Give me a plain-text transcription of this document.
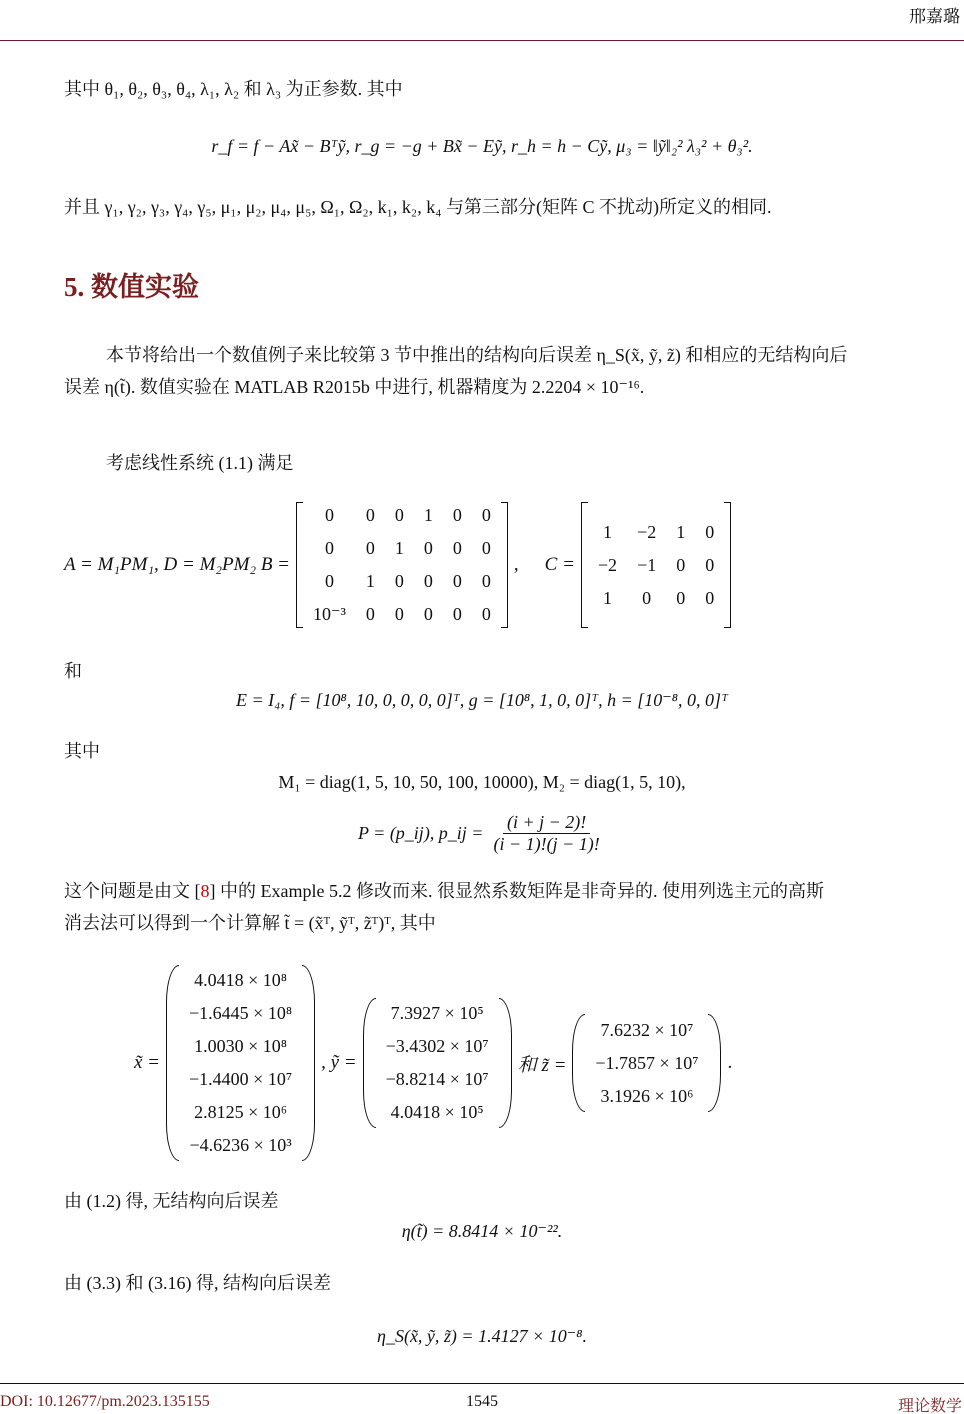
邢嘉璐
其中 θ₁, θ₂, θ₃, θ₄, λ₁, λ₂ 和 λ₃ 为正参数. 其中
r_f = f − Ax̃ − Bᵀỹ, r_g = −g + Bx̃ − Eỹ, r_h = h − Cỹ, μ₃ = ‖ỹ‖₂² λ₃² + θ₃².
并且 γ₁, γ₂, γ₃, γ₄, γ₅, μ₁, μ₂, μ₄, μ₅, Ω₁, Ω₂, k₁, k₂, k₄ 与第三部分(矩阵 C 不扰动)所定义的相同.
5. 数值实验
本节将给出一个数值例子来比较第 3 节中推出的结构向后误差 η_S(x̃, ỹ, z̃) 和相应的无结构向后
误差 η(t̃). 数值实验在 MATLAB R2015b 中进行, 机器精度为 2.2204 × 10⁻¹⁶.
考虑线性系统 (1.1) 满足
A = M₁PM₁, D = M₂PM₂ B =
0	0	0	1	0	0
0	0	1	0	0	0
0	1	0	0	0	0
10⁻³	0	0	0	0	0
, C =
1	−2	1	0
−2	−1	0	0
1	0	0	0
和
E = I₄, f = [10⁸, 10, 0, 0, 0, 0]ᵀ, g = [10⁸, 1, 0, 0]ᵀ, h = [10⁻⁸, 0, 0]ᵀ
其中
M₁ = diag(1, 5, 10, 50, 100, 10000), M₂ = diag(1, 5, 10),
P = (p_ij), p_ij = $\frac{(i + j - 2)!}{(i - 1)!(j - 1)!}$
这个问题是由文 [8] 中的 Example 5.2 修改而来. 很显然系数矩阵是非奇异的. 使用列选主元的高斯
消去法可以得到一个计算解 t̃ = (x̃ᵀ, ỹᵀ, z̃ᵀ)ᵀ, 其中
x̃ =
4.0418 × 10⁸
−1.6445 × 10⁸
1.0030 × 10⁸
−1.4400 × 10⁷
2.8125 × 10⁶
−4.6236 × 10³
, ỹ =
7.3927 × 10⁵
−3.4302 × 10⁷
−8.8214 × 10⁷
4.0418 × 10⁵
和 z̃ =
7.6232 × 10⁷
−1.7857 × 10⁷
3.1926 × 10⁶
.
由 (1.2) 得, 无结构向后误差
η(t̃) = 8.8414 × 10⁻²².
由 (3.3) 和 (3.16) 得, 结构向后误差
η_S(x̃, ỹ, z̃) = 1.4127 × 10⁻⁸.
DOI: 10.12677/pm.2023.135155	1545	理论数学
